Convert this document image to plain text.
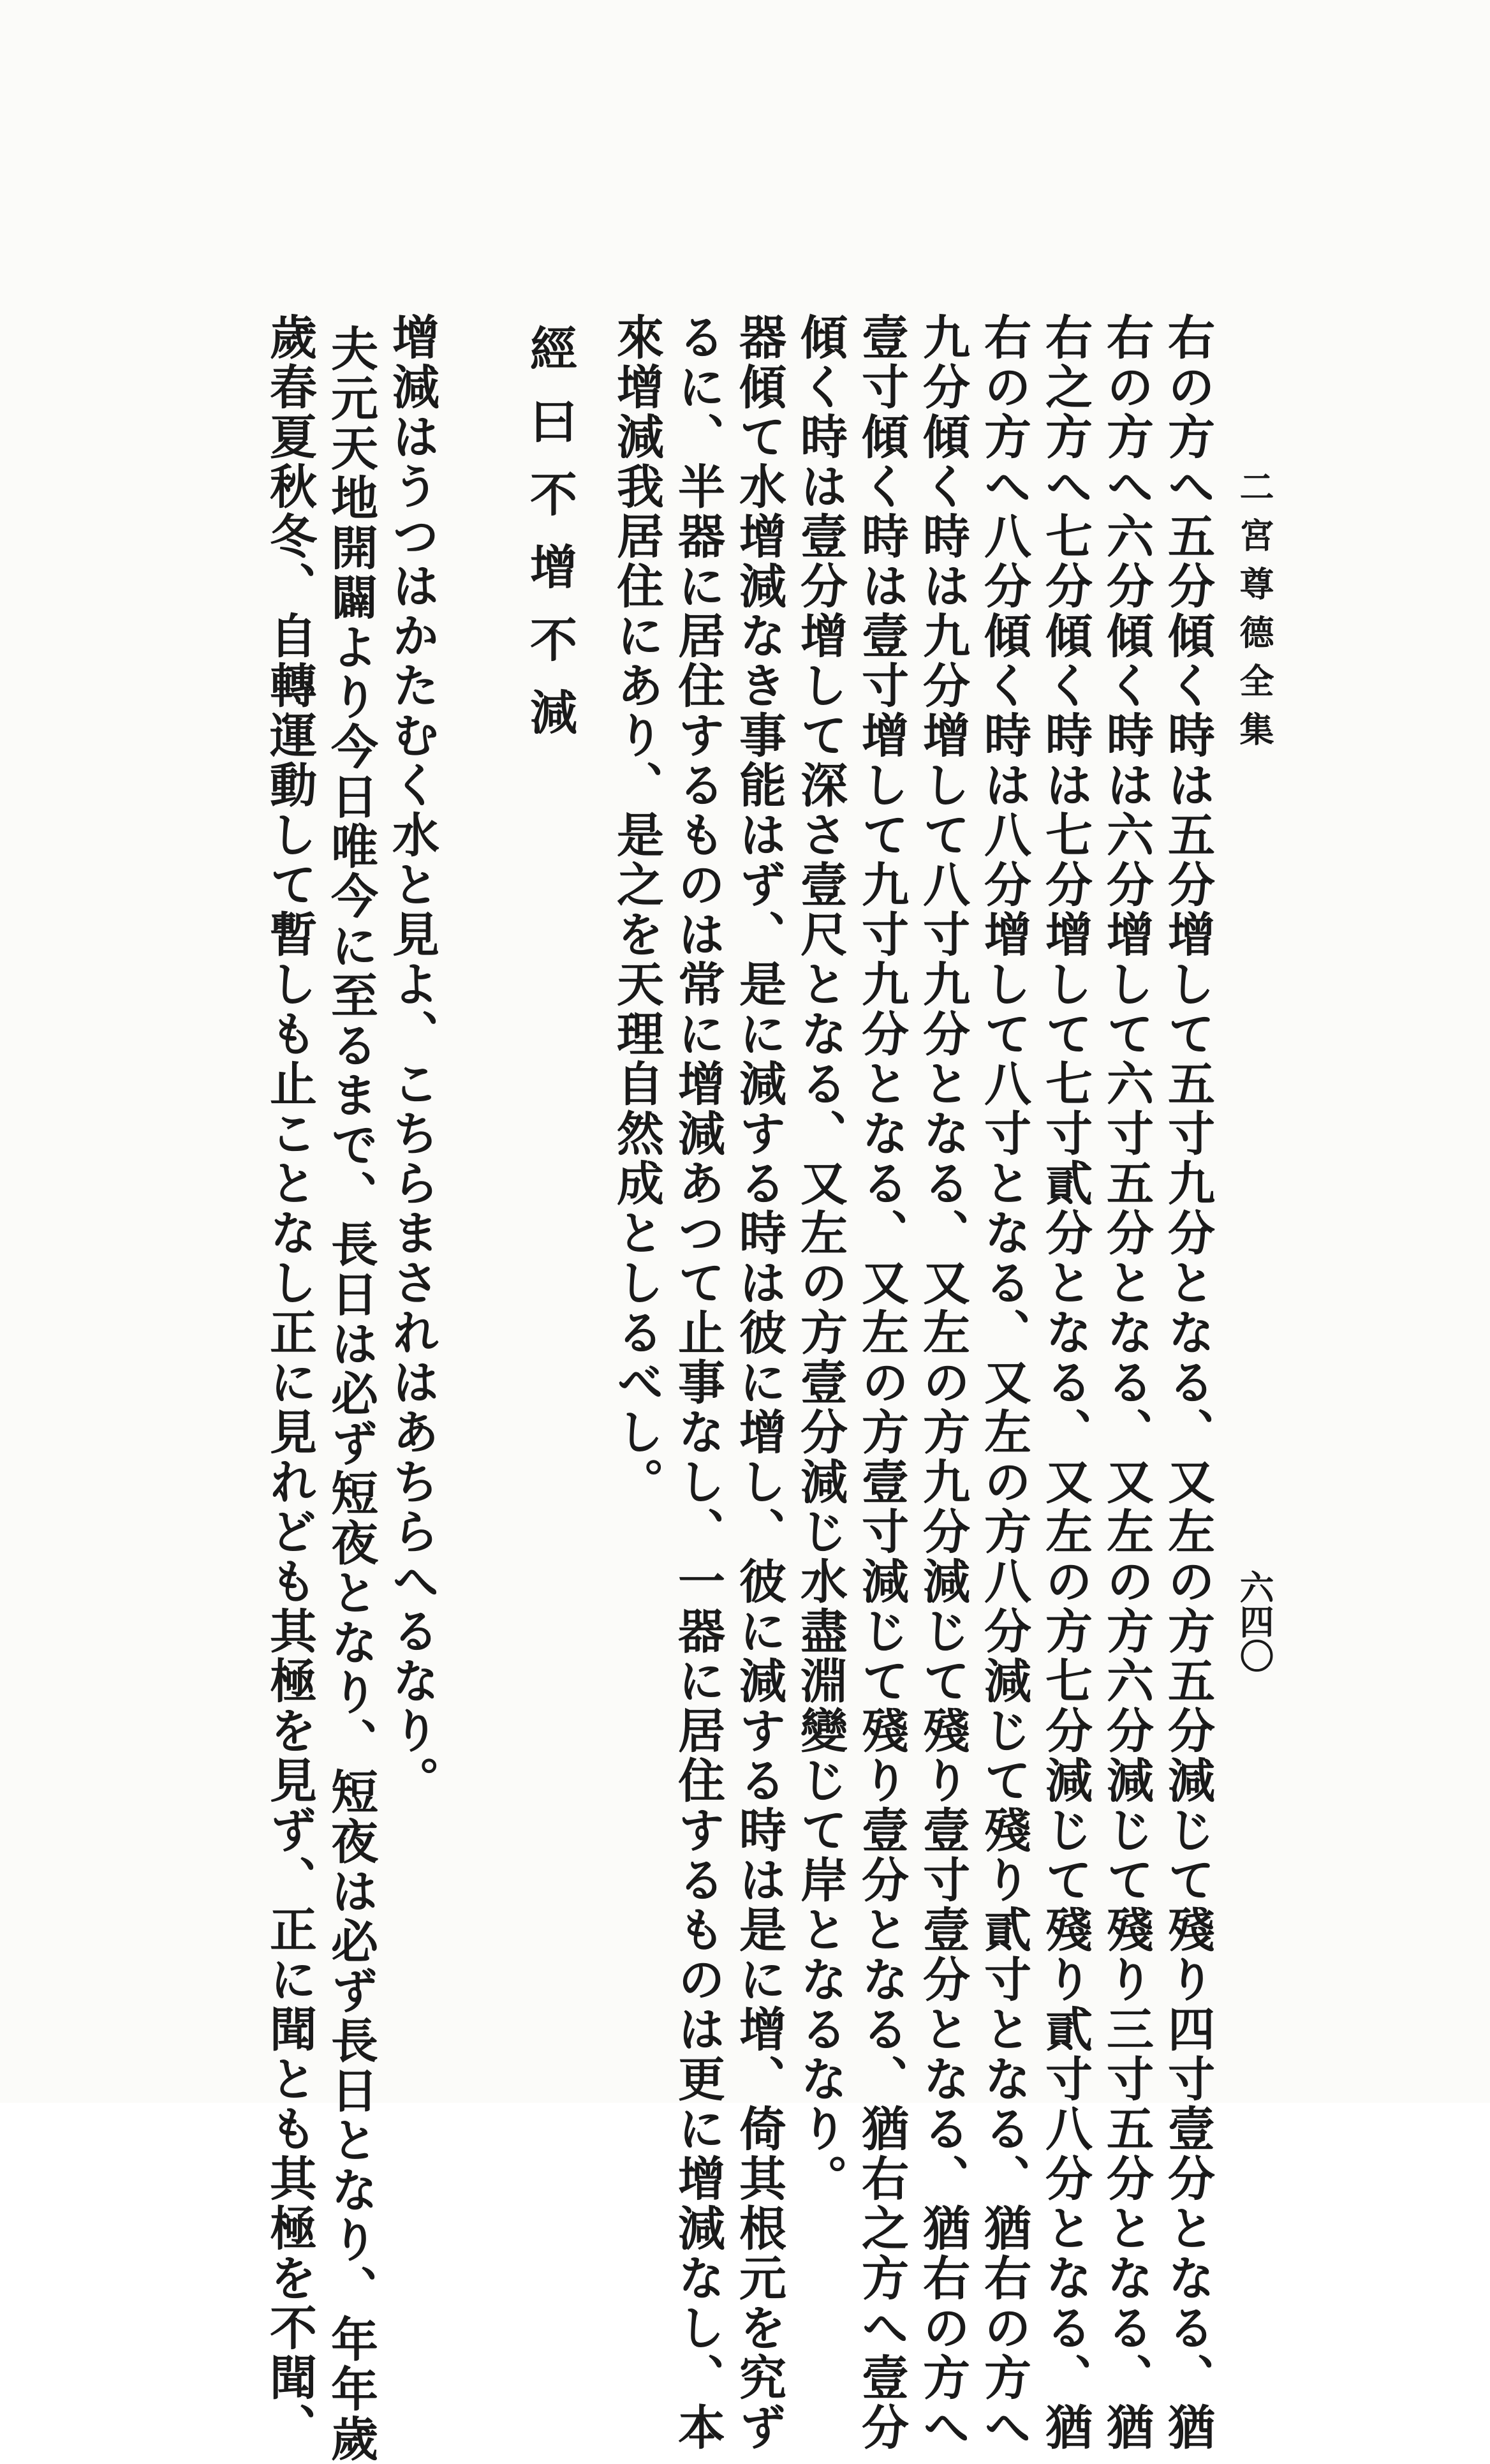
二宮尊德全集
六四〇

右の方へ五分傾く時は五分增して五寸九分となる、又左の方五分減じて殘り四寸壹分となる、猶

右の方へ六分傾く時は六分增して六寸五分となる、又左の方六分減じて殘り三寸五分となる、猶

右之方へ七分傾く時は七分增して七寸貳分となる、又左の方七分減じて殘り貳寸八分となる、猶

右の方へ八分傾く時は八分增して八寸となる、又左の方八分減じて殘り貳寸となる、猶右の方へ

九分傾く時は九分增して八寸九分となる、又左の方九分減じて殘り壹寸壹分となる、猶右の方へ

壹寸傾く時は壹寸增して九寸九分となる、又左の方壹寸減じて殘り壹分となる、猶右之方へ壹分

傾く時は壹分增して深さ壹尺となる、又左の方壹分減じ水盡淵變じて岸となるなり。

器傾て水增減なき事能はず、是に減する時は彼に增し、彼に減する時は是に增、倚其根元を究ず

るに、半器に居住するものは常に增減あつて止事なし、一器に居住するものは更に增減なし、本

來增減我居住にあり、是之を天理自然成としるべし。

經曰不增不減

增減はうつはかたむく水と見よ、こちらまされはあちらへるなり。

夫元天地開闢より今日唯今に至るまで、長日は必ず短夜となり、短夜は必ず長日となり、年年歲

歲春夏秋冬、自轉運動して暫しも止ことなし正に見れども其極を見ず、正に聞とも其極を不聞、
